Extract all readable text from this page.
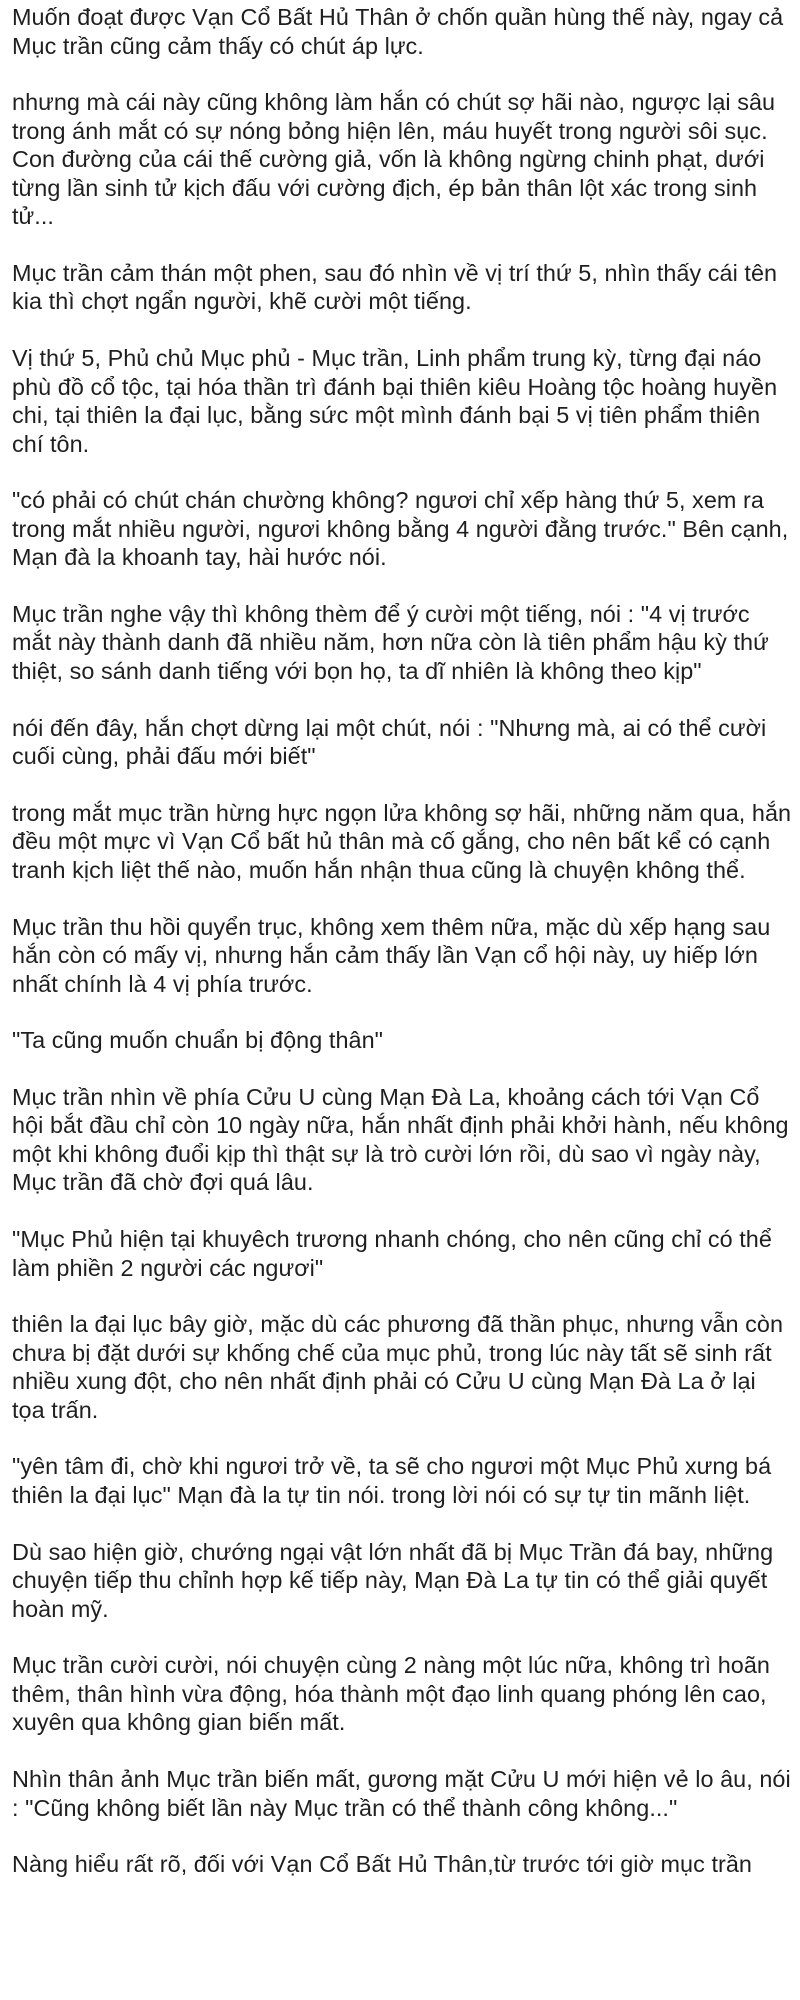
Muốn đoạt được Vạn Cổ Bất Hủ Thân ở chốn quần hùng thế này, ngay cả Mục trần cũng cảm thấy có chút áp lực.

nhưng mà cái này cũng không làm hắn có chút sợ hãi nào, ngược lại sâu trong ánh mắt có sự nóng bỏng hiện lên, máu huyết trong người sôi sục. Con đường của cái thế cường giả, vốn là không ngừng chinh phạt, dưới từng lần sinh tử kịch đấu với cường địch, ép bản thân lột xác trong sinh tử...

Mục trần cảm thán một phen, sau đó nhìn về vị trí thứ 5, nhìn thấy cái tên kia thì chợt ngẩn người, khẽ cười một tiếng.

Vị thứ 5, Phủ chủ Mục phủ - Mục trần, Linh phẩm trung kỳ, từng đại náo phù đồ cổ tộc, tại hóa thần trì đánh bại thiên kiêu Hoàng tộc hoàng huyền chi, tại thiên la đại lục, bằng sức một mình đánh bại 5 vị tiên phẩm thiên chí tôn.

"có phải có chút chán chường không? ngươi chỉ xếp hàng thứ 5, xem ra trong mắt nhiều người, ngươi không bằng 4 người đằng trước." Bên cạnh, Mạn đà la khoanh tay, hài hước nói.

Mục trần nghe vậy thì không thèm để ý cười một tiếng, nói : "4 vị trước mắt này thành danh đã nhiều năm, hơn nữa còn là tiên phẩm hậu kỳ thứ thiệt, so sánh danh tiếng với bọn họ, ta dĩ nhiên là không theo kịp"

nói đến đây, hắn chợt dừng lại một chút, nói : "Nhưng mà, ai có thể cười cuối cùng, phải đấu mới biết"

trong mắt mục trần hừng hực ngọn lửa không sợ hãi, những năm qua, hắn đều một mực vì Vạn Cổ bất hủ thân mà cố gắng, cho nên bất kể có cạnh tranh kịch liệt thế nào, muốn hắn nhận thua cũng là chuyện không thể.

Mục trần thu hồi quyển trục, không xem thêm nữa, mặc dù xếp hạng sau hắn còn có mấy vị, nhưng hắn cảm thấy lần Vạn cổ hội này, uy hiếp lớn nhất chính là 4 vị phía trước.

"Ta cũng muốn chuẩn bị động thân"

Mục trần nhìn về phía Cửu U cùng Mạn Đà La, khoảng cách tới Vạn Cổ hội bắt đầu chỉ còn 10 ngày nữa, hắn nhất định phải khởi hành, nếu không một khi không đuổi kịp thì thật sự là trò cười lớn rồi, dù sao vì ngày này, Mục trần đã chờ đợi quá lâu.

"Mục Phủ hiện tại khuyêch trương nhanh chóng, cho nên cũng chỉ có thể làm phiền 2 người các ngươi"

thiên la đại lục bây giờ, mặc dù các phương đã thần phục, nhưng vẫn còn chưa bị đặt dưới sự khống chế của mục phủ, trong lúc này tất sẽ sinh rất nhiều xung đột, cho nên nhất định phải có Cửu U cùng Mạn Đà La ở lại tọa trấn.

"yên tâm đi, chờ khi ngươi trở về, ta sẽ cho ngươi một Mục Phủ xưng bá thiên la đại lục" Mạn đà la tự tin nói. trong lời nói có sự tự tin mãnh liệt.

Dù sao hiện giờ, chướng ngại vật lớn nhất đã bị Mục Trần đá bay, những chuyện tiếp thu chỉnh hợp kế tiếp này, Mạn Đà La tự tin có thể giải quyết hoàn mỹ.

Mục trần cười cười, nói chuyện cùng 2 nàng một lúc nữa, không trì hoãn thêm, thân hình vừa động, hóa thành một đạo linh quang phóng lên cao, xuyên qua không gian biến mất.

Nhìn thân ảnh Mục trần biến mất, gương mặt Cửu U mới hiện vẻ lo âu, nói : "Cũng không biết lần này Mục trần có thể thành công không..."

Nàng hiểu rất rõ, đối với Vạn Cổ Bất Hủ Thân,từ trước tới giờ mục trần
